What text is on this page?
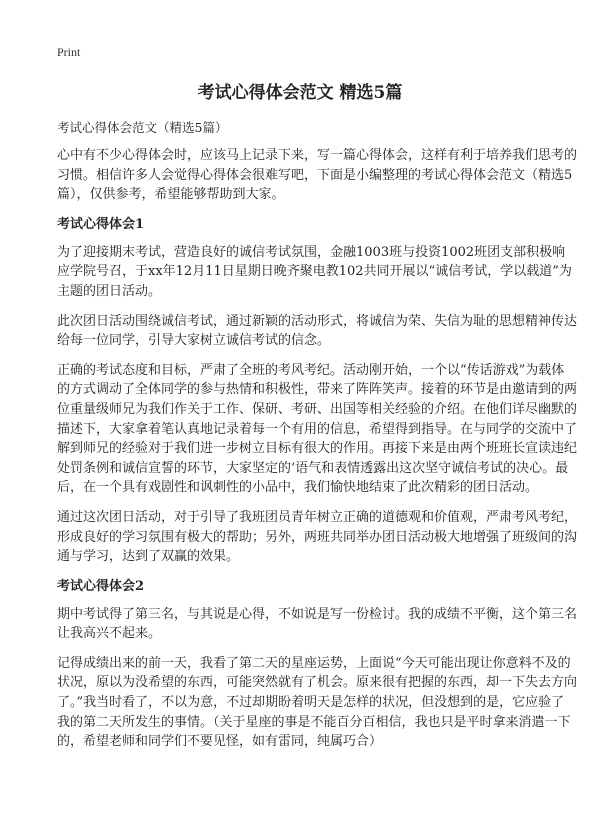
Print
考试心得体会范文 精选5篇
考试心得体会范文（精选5篇）

心中有不少心得体会时，应该马上记录下来，写一篇心得体会，这样有利于培养我们思考的习惯。相信许多人会觉得心得体会很难写吧，下面是小编整理的考试心得体会范文（精选5篇），仅供参考，希望能够帮助到大家。

考试心得体会1

为了迎接期末考试，营造良好的诚信考试氛围，金融1003班与投资1002班团支部积极响应学院号召，于xx年12月11日星期日晚齐聚电教102共同开展以“诚信考试，学以载道”为主题的团日活动。

此次团日活动围绕诚信考试，通过新颖的活动形式，将诚信为荣、失信为耻的思想精神传达给每一位同学，引导大家树立诚信考试的信念。

正确的考试态度和目标，严肃了全班的考风考纪。活动刚开始，一个以“传话游戏”为载体的方式调动了全体同学的参与热情和积极性，带来了阵阵笑声。接着的环节是由邀请到的两位重量级师兄为我们作关于工作、保研、考研、出国等相关经验的介绍。在他们详尽幽默的描述下，大家拿着笔认真地记录着每一个有用的信息，希望得到指导。在与同学的交流中了解到师兄的经验对于我们进一步树立目标有很大的作用。再接下来是由两个班班长宣读违纪处罚条例和诚信宣誓的环节，大家坚定的‘语气和表情透露出这次坚守诚信考试的决心。最后，在一个具有戏剧性和讽刺性的小品中，我们愉快地结束了此次精彩的团日活动。

通过这次团日活动，对于引导了我班团员青年树立正确的道德观和价值观，严肃考风考纪，形成良好的学习氛围有极大的帮助；另外，两班共同举办团日活动极大地增强了班级间的沟通与学习，达到了双赢的效果。

考试心得体会2

期中考试得了第三名，与其说是心得，不如说是写一份检讨。我的成绩不平衡，这个第三名让我高兴不起来。

记得成绩出来的前一天，我看了第二天的星座运势，上面说“今天可能出现让你意料不及的状况，原以为没希望的东西，可能突然就有了机会。原来很有把握的东西，却一下失去方向了。”我当时看了，不以为意，不过却期盼着明天是怎样的状况，但没想到的是，它应验了我的第二天所发生的事情。（关于星座的事是不能百分百相信，我也只是平时拿来消遣一下的，希望老师和同学们不要见怪，如有雷同，纯属巧合）
